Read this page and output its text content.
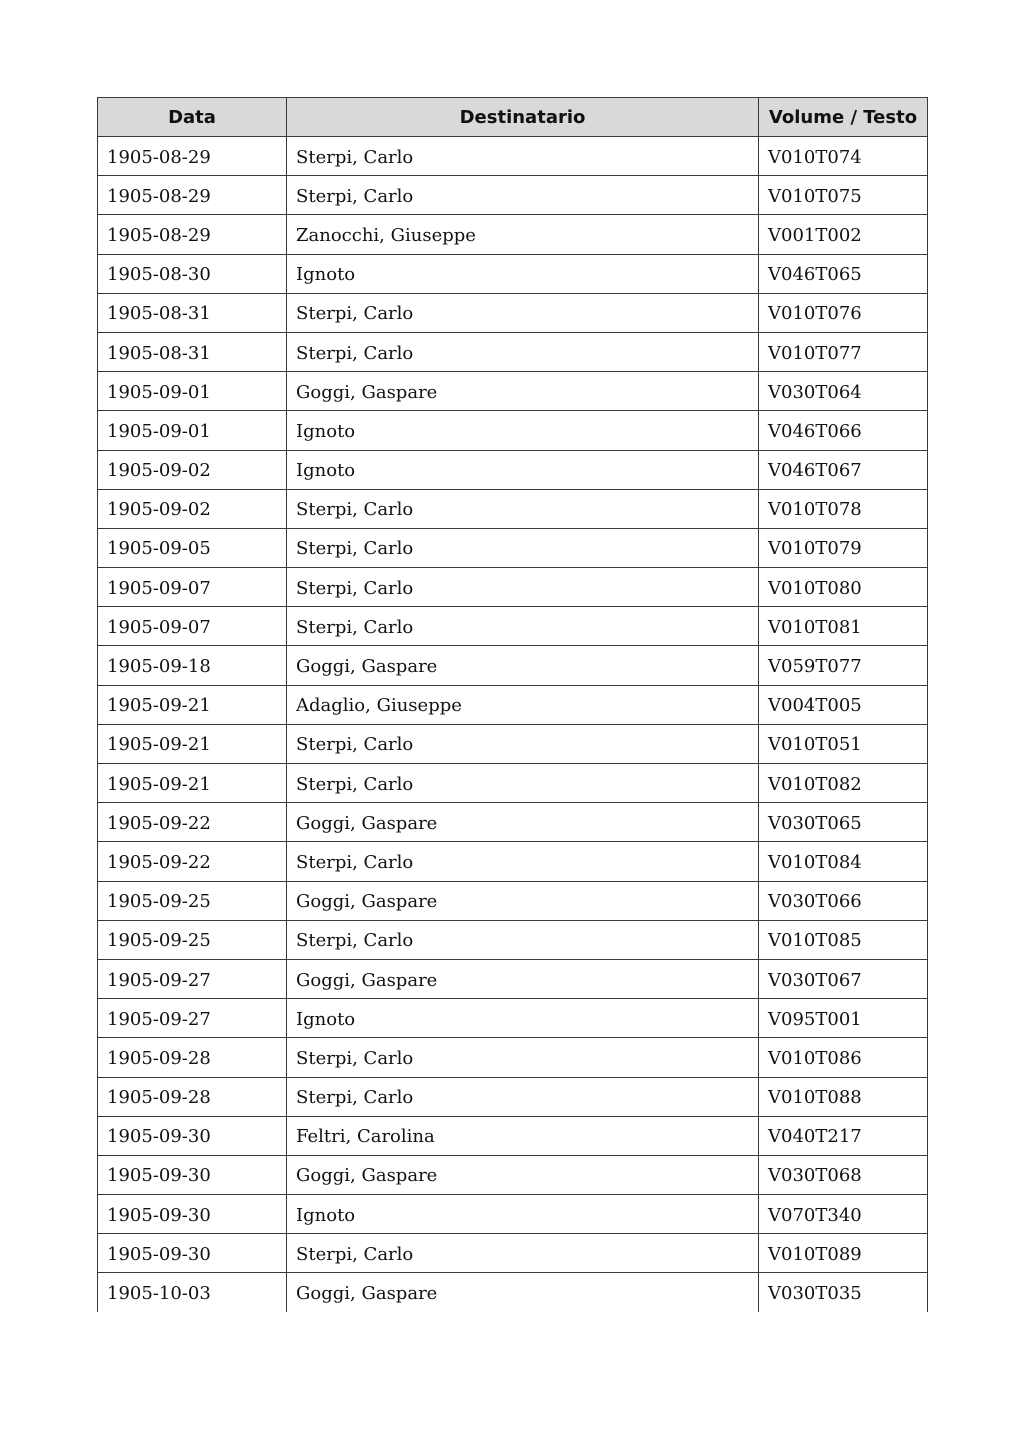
Data	Destinatario	Volume / Testo
1905-08-29	Sterpi, Carlo	V010T074
1905-08-29	Sterpi, Carlo	V010T075
1905-08-29	Zanocchi, Giuseppe	V001T002
1905-08-30	Ignoto	V046T065
1905-08-31	Sterpi, Carlo	V010T076
1905-08-31	Sterpi, Carlo	V010T077
1905-09-01	Goggi, Gaspare	V030T064
1905-09-01	Ignoto	V046T066
1905-09-02	Ignoto	V046T067
1905-09-02	Sterpi, Carlo	V010T078
1905-09-05	Sterpi, Carlo	V010T079
1905-09-07	Sterpi, Carlo	V010T080
1905-09-07	Sterpi, Carlo	V010T081
1905-09-18	Goggi, Gaspare	V059T077
1905-09-21	Adaglio, Giuseppe	V004T005
1905-09-21	Sterpi, Carlo	V010T051
1905-09-21	Sterpi, Carlo	V010T082
1905-09-22	Goggi, Gaspare	V030T065
1905-09-22	Sterpi, Carlo	V010T084
1905-09-25	Goggi, Gaspare	V030T066
1905-09-25	Sterpi, Carlo	V010T085
1905-09-27	Goggi, Gaspare	V030T067
1905-09-27	Ignoto	V095T001
1905-09-28	Sterpi, Carlo	V010T086
1905-09-28	Sterpi, Carlo	V010T088
1905-09-30	Feltri, Carolina	V040T217
1905-09-30	Goggi, Gaspare	V030T068
1905-09-30	Ignoto	V070T340
1905-09-30	Sterpi, Carlo	V010T089
1905-10-03	Goggi, Gaspare	V030T035
